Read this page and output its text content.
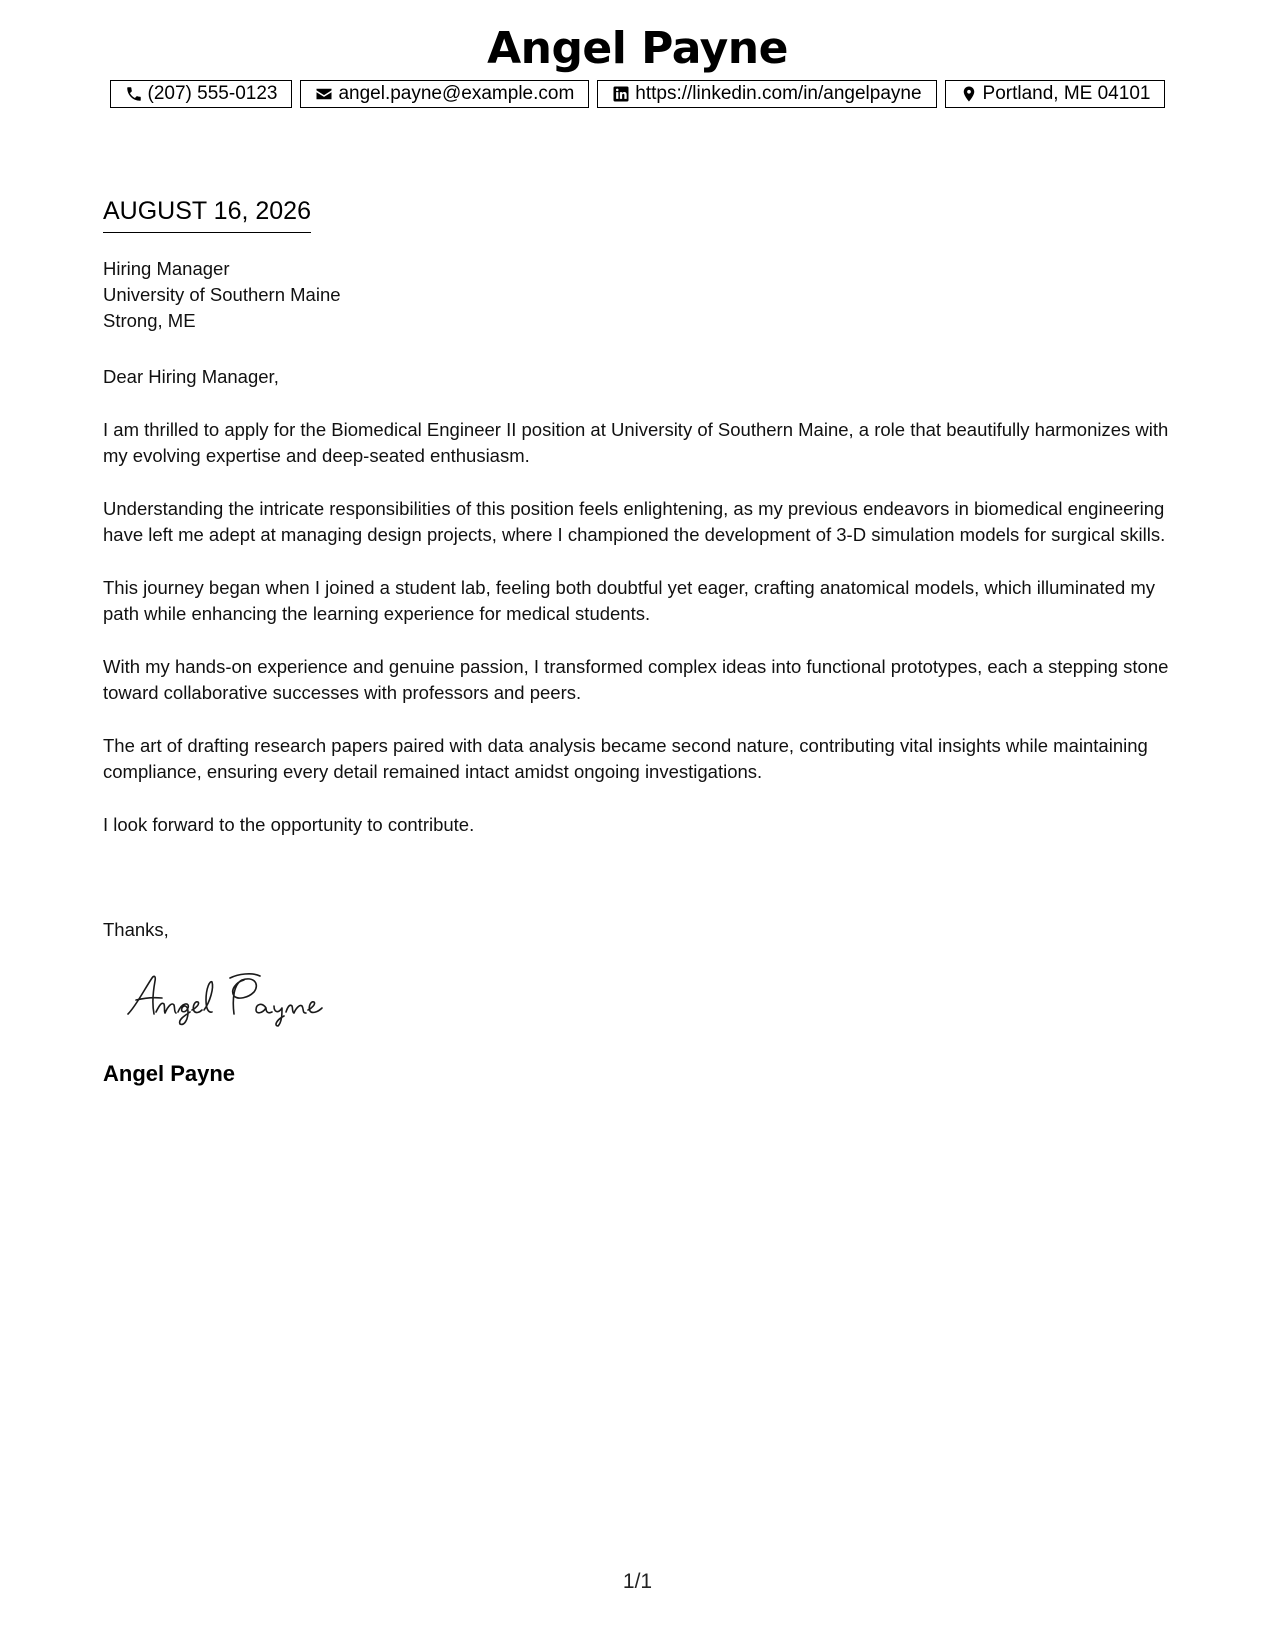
Angel Payne
(207) 555-0123	angel.payne@example.com	https://linkedin.com/in/angelpayne	Portland, ME 04101
AUGUST 16, 2026
Hiring Manager
University of Southern Maine
Strong, ME

Dear Hiring Manager,

I am thrilled to apply for the Biomedical Engineer II position at University of Southern Maine, a role that beautifully harmonizes with my evolving expertise and deep-seated enthusiasm.

Understanding the intricate responsibilities of this position feels enlightening, as my previous endeavors in biomedical engineering have left me adept at managing design projects, where I championed the development of 3-D simulation models for surgical skills.

This journey began when I joined a student lab, feeling both doubtful yet eager, crafting anatomical models, which illuminated my path while enhancing the learning experience for medical students.

With my hands-on experience and genuine passion, I transformed complex ideas into functional prototypes, each a stepping stone toward collaborative successes with professors and peers.

The art of drafting research papers paired with data analysis became second nature, contributing vital insights while maintaining compliance, ensuring every detail remained intact amidst ongoing investigations.

I look forward to the opportunity to contribute.

Thanks,
Angel Payne
1/1
